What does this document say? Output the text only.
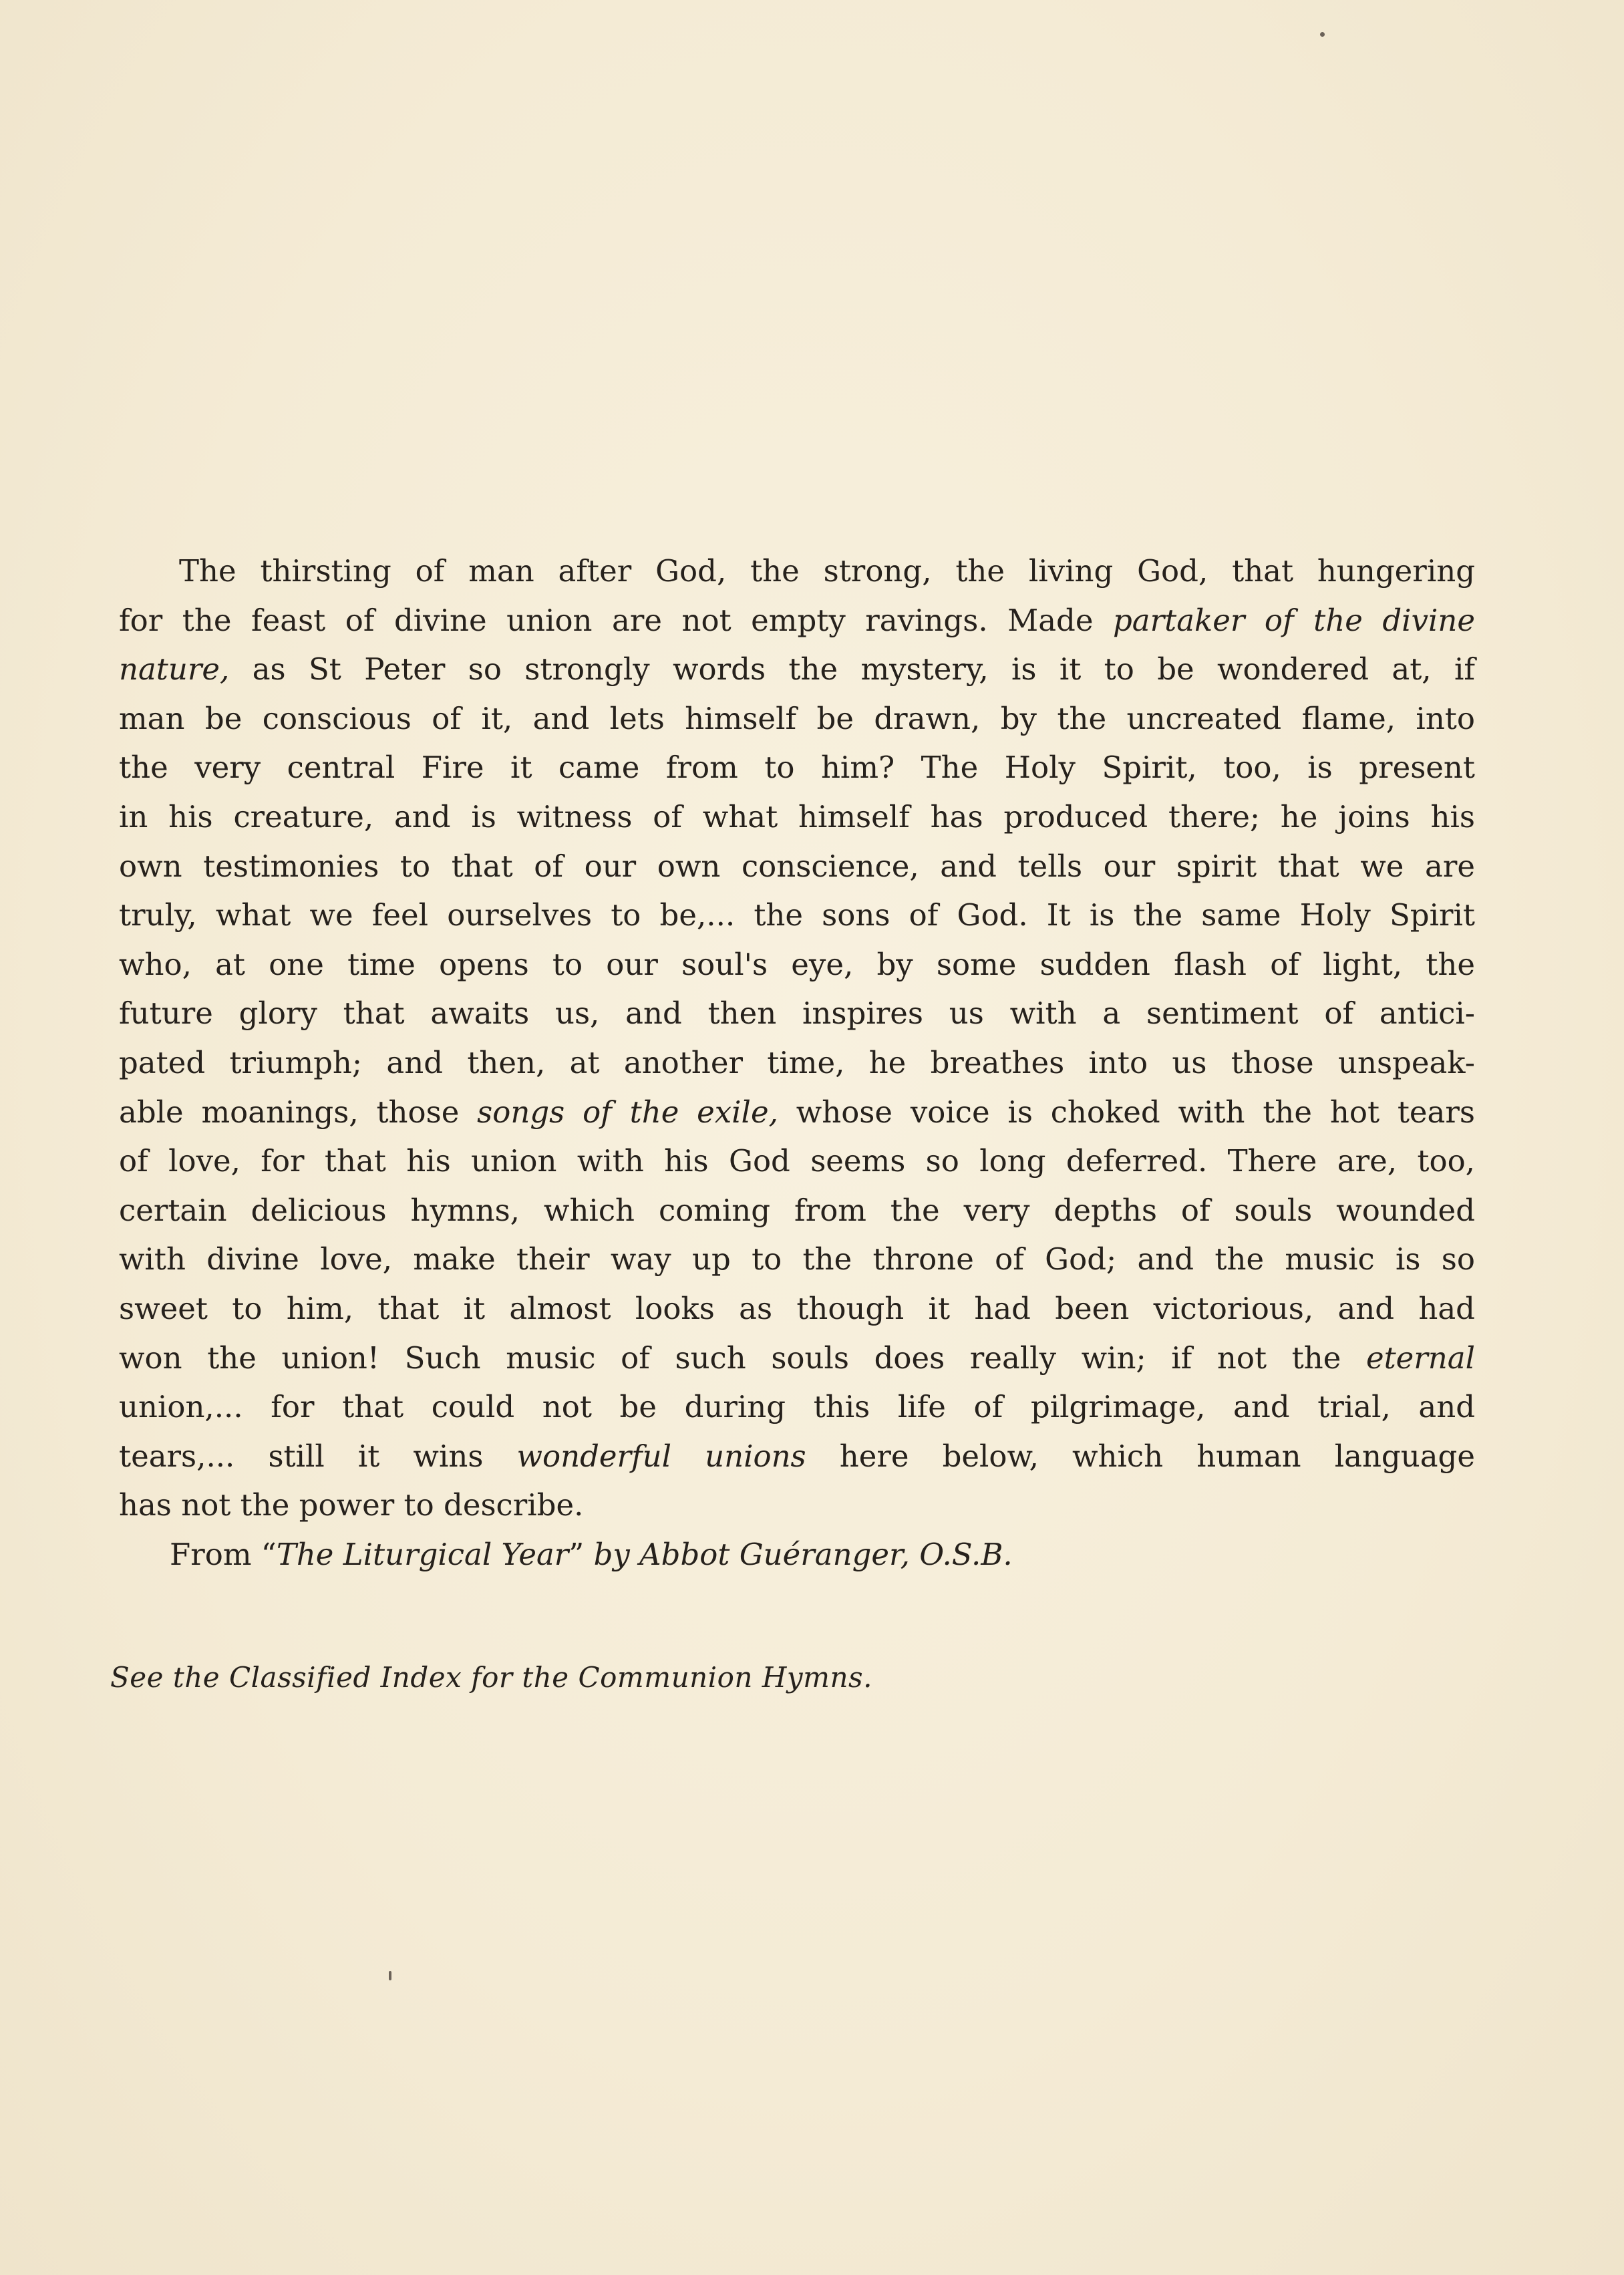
The thirsting of man after God, the strong, the living God, that hungering
for the feast of divine union are not empty ravings. Made partaker of the divine
nature, as St Peter so strongly words the mystery, is it to be wondered at, if
man be conscious of it, and lets himself be drawn, by the uncreated flame, into
the very central Fire it came from to him? The Holy Spirit, too, is present
in his creature, and is witness of what himself has produced there; he joins his
own testimonies to that of our own conscience, and tells our spirit that we are
truly, what we feel ourselves to be,... the sons of God. It is the same Holy Spirit
who, at one time opens to our soul's eye, by some sudden flash of light, the
future glory that awaits us, and then inspires us with a sentiment of antici-
pated triumph; and then, at another time, he breathes into us those unspeak-
able moanings, those songs of the exile, whose voice is choked with the hot tears
of love, for that his union with his God seems so long deferred. There are, too,
certain delicious hymns, which coming from the very depths of souls wounded
with divine love, make their way up to the throne of God; and the music is so
sweet to him, that it almost looks as though it had been victorious, and had
won the union! Such music of such souls does really win; if not the eternal
union,... for that could not be during this life of pilgrimage, and trial, and
tears,... still it wins wonderful unions here below, which human language
has not the power to describe.
From “The Liturgical Year” by Abbot Guéranger, O.S.B.
See the Classified Index for the Communion Hymns.
